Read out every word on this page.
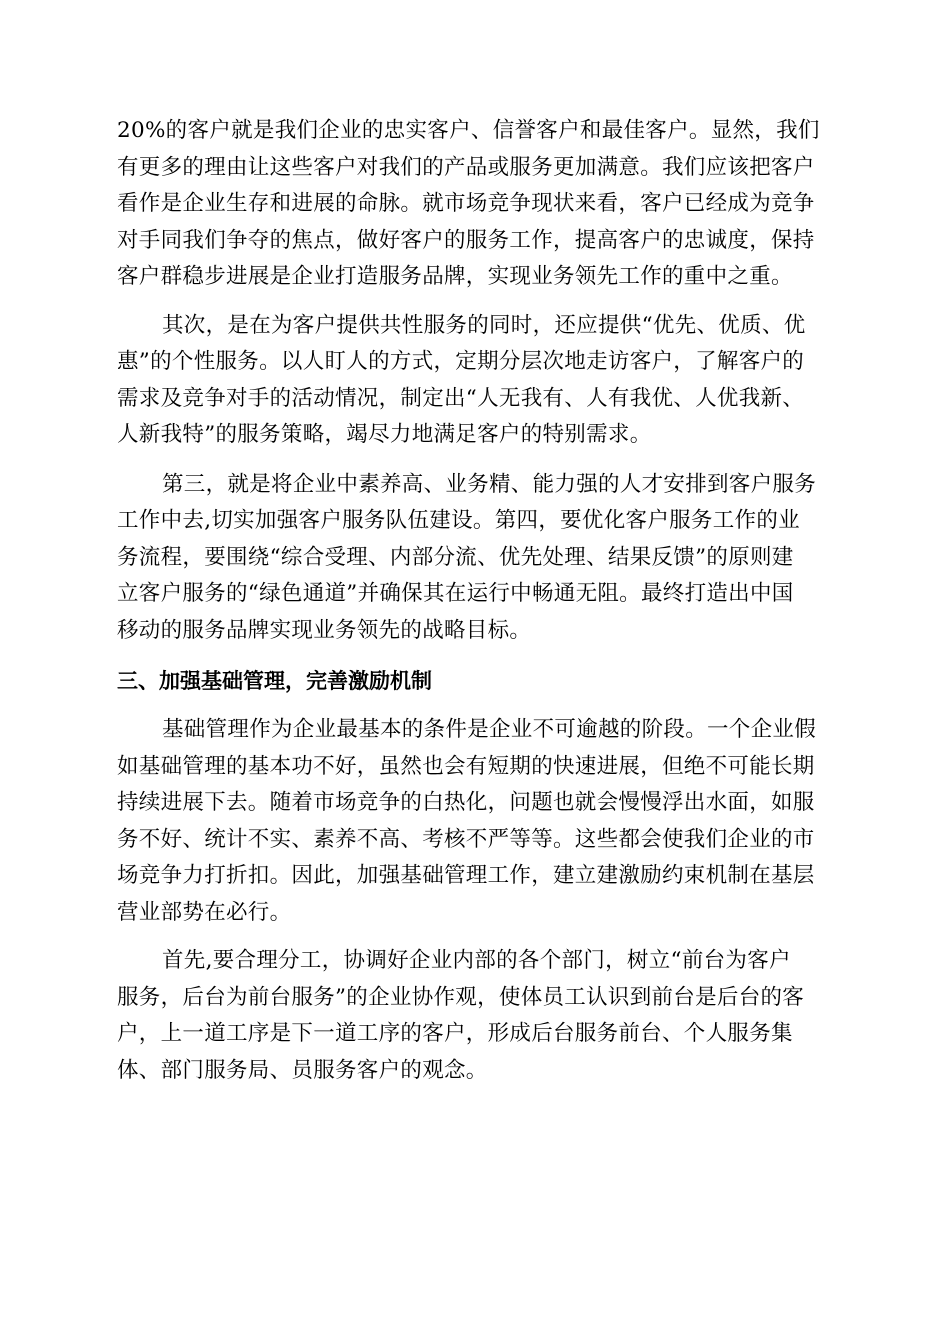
20%的客户就是我们企业的忠实客户、信誉客户和最佳客户。显然，我们
有更多的理由让这些客户对我们的产品或服务更加满意。我们应该把客户
看作是企业生存和进展的命脉。就市场竞争现状来看，客户已经成为竞争
对手同我们争夺的焦点，做好客户的服务工作，提高客户的忠诚度，保持
客户群稳步进展是企业打造服务品牌，实现业务领先工作的重中之重。
其次，是在为客户提供共性服务的同时，还应提供“优先、优质、优
惠”的个性服务。以人盯人的方式，定期分层次地走访客户，了解客户的
需求及竞争对手的活动情况，制定出“人无我有、人有我优、人优我新、
人新我特”的服务策略，竭尽力地满足客户的特别需求。
第三，就是将企业中素养高、业务精、能力强的人才安排到客户服务
工作中去,切实加强客户服务队伍建设。第四，要优化客户服务工作的业
务流程，要围绕“综合受理、内部分流、优先处理、结果反馈”的原则建
立客户服务的“绿色通道”并确保其在运行中畅通无阻。最终打造出中国
移动的服务品牌实现业务领先的战略目标。
三、加强基础管理，完善激励机制
基础管理作为企业最基本的条件是企业不可逾越的阶段。一个企业假
如基础管理的基本功不好，虽然也会有短期的快速进展，但绝不可能长期
持续进展下去。随着市场竞争的白热化，问题也就会慢慢浮出水面，如服
务不好、统计不实、素养不高、考核不严等等。这些都会使我们企业的市
场竞争力打折扣。因此，加强基础管理工作，建立建激励约束机制在基层
营业部势在必行。
首先,要合理分工，协调好企业内部的各个部门，树立“前台为客户
服务，后台为前台服务”的企业协作观，使体员工认识到前台是后台的客
户，上一道工序是下一道工序的客户，形成后台服务前台、个人服务集
体、部门服务局、员服务客户的观念。
